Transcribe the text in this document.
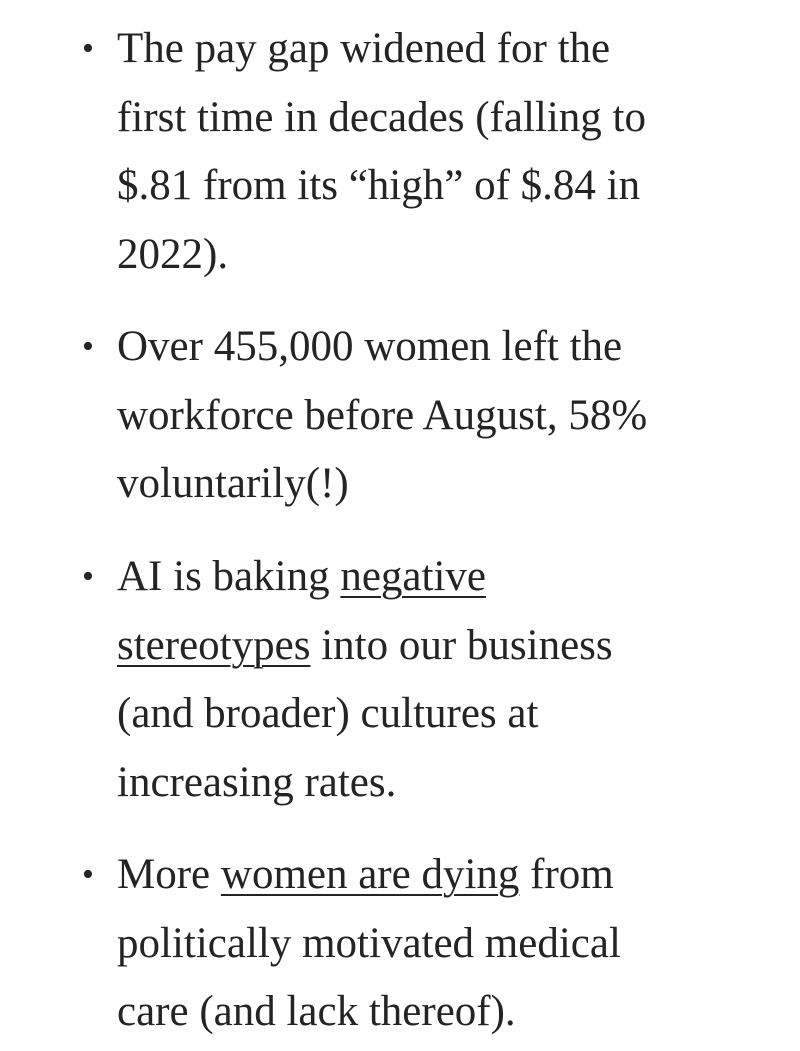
• The pay gap widened for the
first time in decades (falling to
$.81 from its “high” of $.84 in
2022).

• Over 455,000 women left the
workforce before August, 58%
voluntarily(!)

• AI is baking negative
stereotypes into our business
(and broader) cultures at
increasing rates.

• More women are dying from
politically motivated medical
care (and lack thereof).
